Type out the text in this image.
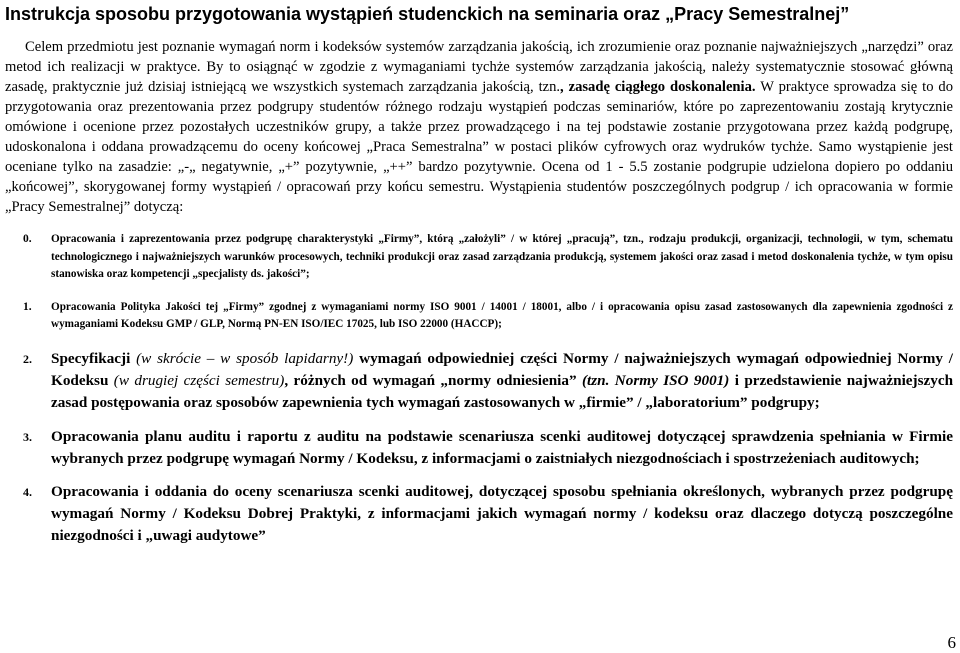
Instrukcja sposobu przygotowania wystąpień studenckich na seminaria oraz „Pracy Semestralnej”

Celem przedmiotu jest poznanie wymagań norm i kodeksów systemów zarządzania jakością, ich zrozumienie oraz poznanie najważniejszych „narzędzi” oraz metod ich realizacji w praktyce. By to osiągnąć w zgodzie z wymaganiami tychże systemów zarządzania jakością, należy systematycznie stosować główną zasadę, praktycznie już dzisiaj istniejącą we wszystkich systemach zarządzania jakością, tzn., zasadę ciągłego doskonalenia. W praktyce sprowadza się to do przygotowania oraz prezentowania przez podgrupy studentów różnego rodzaju wystąpień podczas seminariów, które po zaprezentowaniu zostają krytycznie omówione i ocenione przez pozostałych uczestników grupy, a także przez prowadzącego i na tej podstawie zostanie przygotowana przez każdą podgrupę, udoskonalona i oddana prowadzącemu do oceny końcowej „Praca Semestralna” w postaci plików cyfrowych oraz wydruków tychże. Samo wystąpienie jest oceniane tylko na zasadzie: „-„ negatywnie, „+” pozytywnie, „++” bardzo pozytywnie. Ocena od 1 - 5.5 zostanie podgrupie udzielona dopiero po oddaniu „końcowej”, skorygowanej formy wystąpień / opracowań przy końcu semestru. Wystąpienia studentów poszczególnych podgrup / ich opracowania w formie „Pracy Semestralnej” dotyczą:

0. Opracowania i zaprezentowania przez podgrupę charakterystyki „Firmy”, którą „założyli” / w której „pracują”, tzn., rodzaju produkcji, organizacji, technologii, w tym, schematu technologicznego i najważniejszych warunków procesowych, techniki produkcji oraz zasad zarządzania produkcją, systemem jakości oraz zasad i metod doskonalenia tychże, w tym opisu stanowiska oraz kompetencji „specjalisty ds. jakości”;
1. Opracowania Polityka Jakości tej „Firmy” zgodnej z wymaganiami normy ISO 9001 / 14001 / 18001, albo / i opracowania opisu zasad zastosowanych dla zapewnienia zgodności z wymaganiami Kodeksu GMP / GLP, Normą PN-EN ISO/IEC 17025, lub ISO 22000 (HACCP);
2. Specyfikacji (w skrócie – w sposób lapidarny!) wymagań odpowiedniej części Normy / najważniejszych wymagań odpowiedniej Normy / Kodeksu (w drugiej części semestru), różnych od wymagań „normy odniesienia” (tzn. Normy ISO 9001) i przedstawienie najważniejszych zasad postępowania oraz sposobów zapewnienia tych wymagań zastosowanych w „firmie” / „laboratorium” podgrupy;
3. Opracowania planu auditu i raportu z auditu na podstawie scenariusza scenki auditowej dotyczącej sprawdzenia spełniania w Firmie wybranych przez podgrupę wymagań Normy / Kodeksu, z informacjami o zaistniałych niezgodnościach i spostrzeżeniach auditowych;
4. Opracowania i oddania do oceny scenariusza scenki auditowej, dotyczącej sposobu spełniania określonych, wybranych przez podgrupę wymagań Normy / Kodeksu Dobrej Praktyki, z informacjami jakich wymagań normy / kodeksu oraz dlaczego dotyczą poszczególne niezgodności i „uwagi audytowe”
6
